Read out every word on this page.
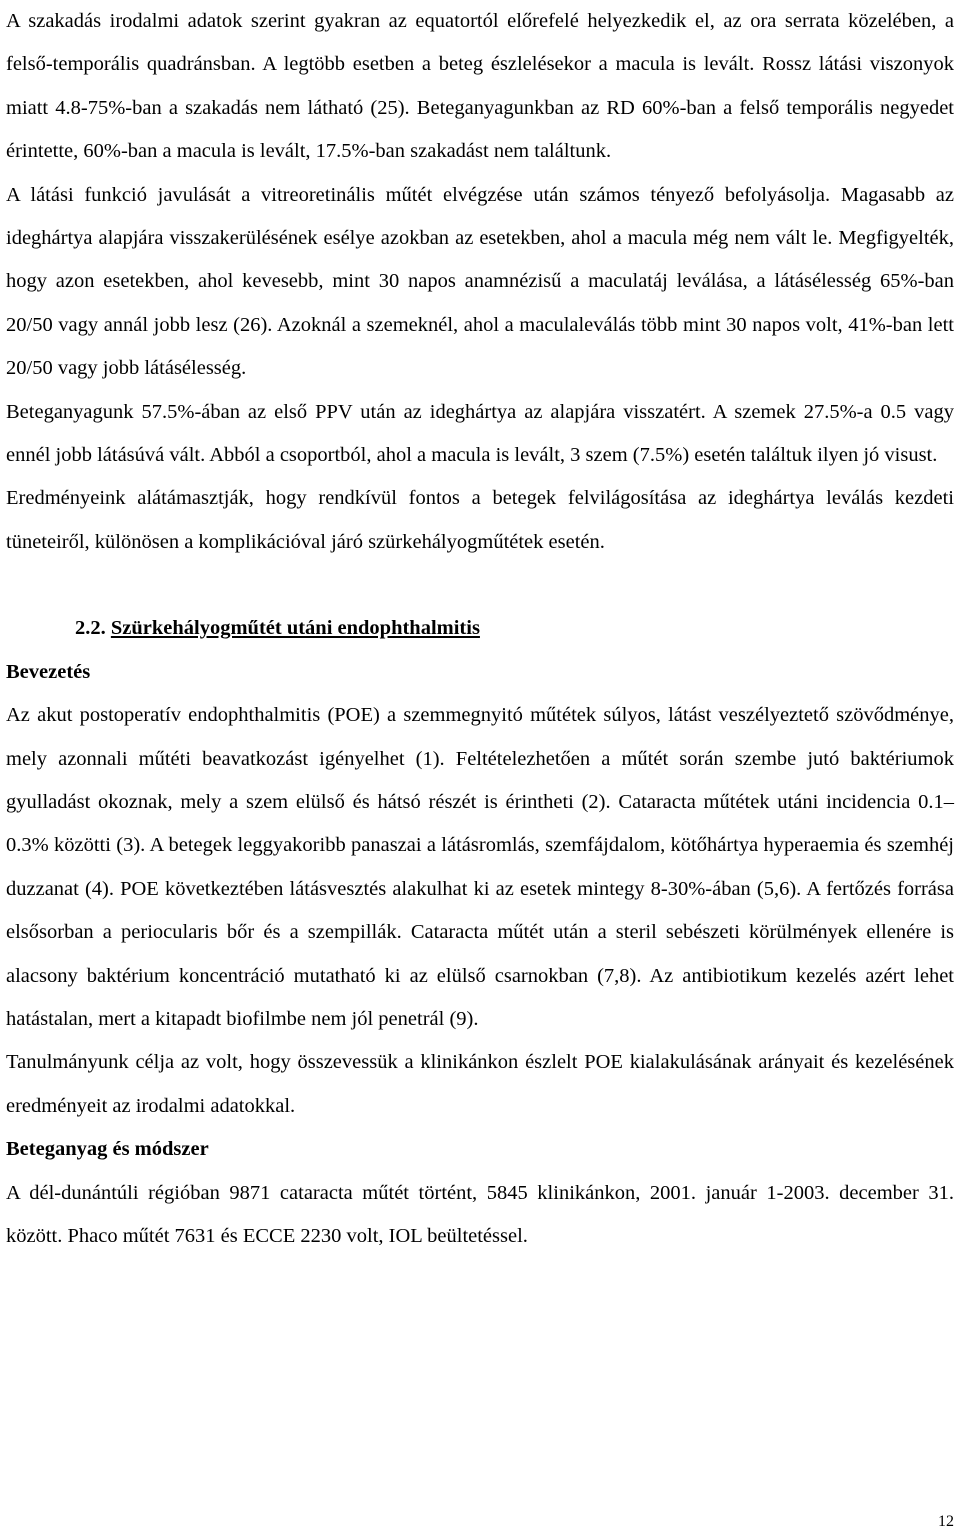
A szakadás irodalmi adatok szerint gyakran az equatortól előrefelé helyezkedik el, az ora serrata közelében, a felső-temporális quadránsban. A legtöbb esetben a beteg észlelésekor a macula is levált. Rossz látási viszonyok miatt 4.8-75%-ban a szakadás nem látható (25). Beteganyagunkban az RD 60%-ban a felső temporális negyedet érintette, 60%-ban a macula is levált, 17.5%-ban szakadást nem találtunk.

A látási funkció javulását a vitreoretinális műtét elvégzése után számos tényező befolyásolja. Magasabb az ideghártya alapjára visszakerülésének esélye azokban az esetekben, ahol a macula még nem vált le. Megfigyelték, hogy azon esetekben, ahol kevesebb, mint 30 napos anamnézisű a maculatáj leválása, a látásélesség 65%-ban 20/50 vagy annál jobb lesz (26). Azoknál a szemeknél, ahol a maculaleválás több mint 30 napos volt, 41%-ban lett 20/50 vagy jobb látásélesség.

Beteganyagunk 57.5%-ában az első PPV után az ideghártya az alapjára visszatért. A szemek 27.5%-a 0.5 vagy ennél jobb látásúvá vált. Abból a csoportból, ahol a macula is levált, 3 szem (7.5%) esetén találtuk ilyen jó visust.

Eredményeink alátámasztják, hogy rendkívül fontos a betegek felvilágosítása az ideghártya leválás kezdeti tüneteiről, különösen a komplikációval járó szürkehályogműtétek esetén.

2.2. Szürkehályogműtét utáni endophthalmitis

Bevezetés

Az akut postoperatív endophthalmitis (POE) a szemmegnyitó műtétek súlyos, látást veszélyeztető szövődménye, mely azonnali műtéti beavatkozást igényelhet (1). Feltételezhetően a műtét során szembe jutó baktériumok gyulladást okoznak, mely a szem elülső és hátsó részét is érintheti (2). Cataracta műtétek utáni incidencia 0.1–0.3% közötti (3). A betegek leggyakoribb panaszai a látásromlás, szemfájdalom, kötőhártya hyperaemia és szemhéj duzzanat (4). POE következtében látásvesztés alakulhat ki az esetek mintegy 8-30%-ában (5,6). A fertőzés forrása elsősorban a periocularis bőr és a szempillák. Cataracta műtét után a steril sebészeti körülmények ellenére is alacsony baktérium koncentráció mutatható ki az elülső csarnokban (7,8). Az antibiotikum kezelés azért lehet hatástalan, mert a kitapadt biofilmbe nem jól penetrál (9).

Tanulmányunk célja az volt, hogy összevessük a klinikánkon észlelt POE kialakulásának arányait és kezelésének eredményeit az irodalmi adatokkal.

Beteganyag és módszer

A dél-dunántúli régióban 9871 cataracta műtét történt, 5845 klinikánkon, 2001. január 1-2003. december 31. között. Phaco műtét 7631 és ECCE 2230 volt, IOL beültetéssel.

12
